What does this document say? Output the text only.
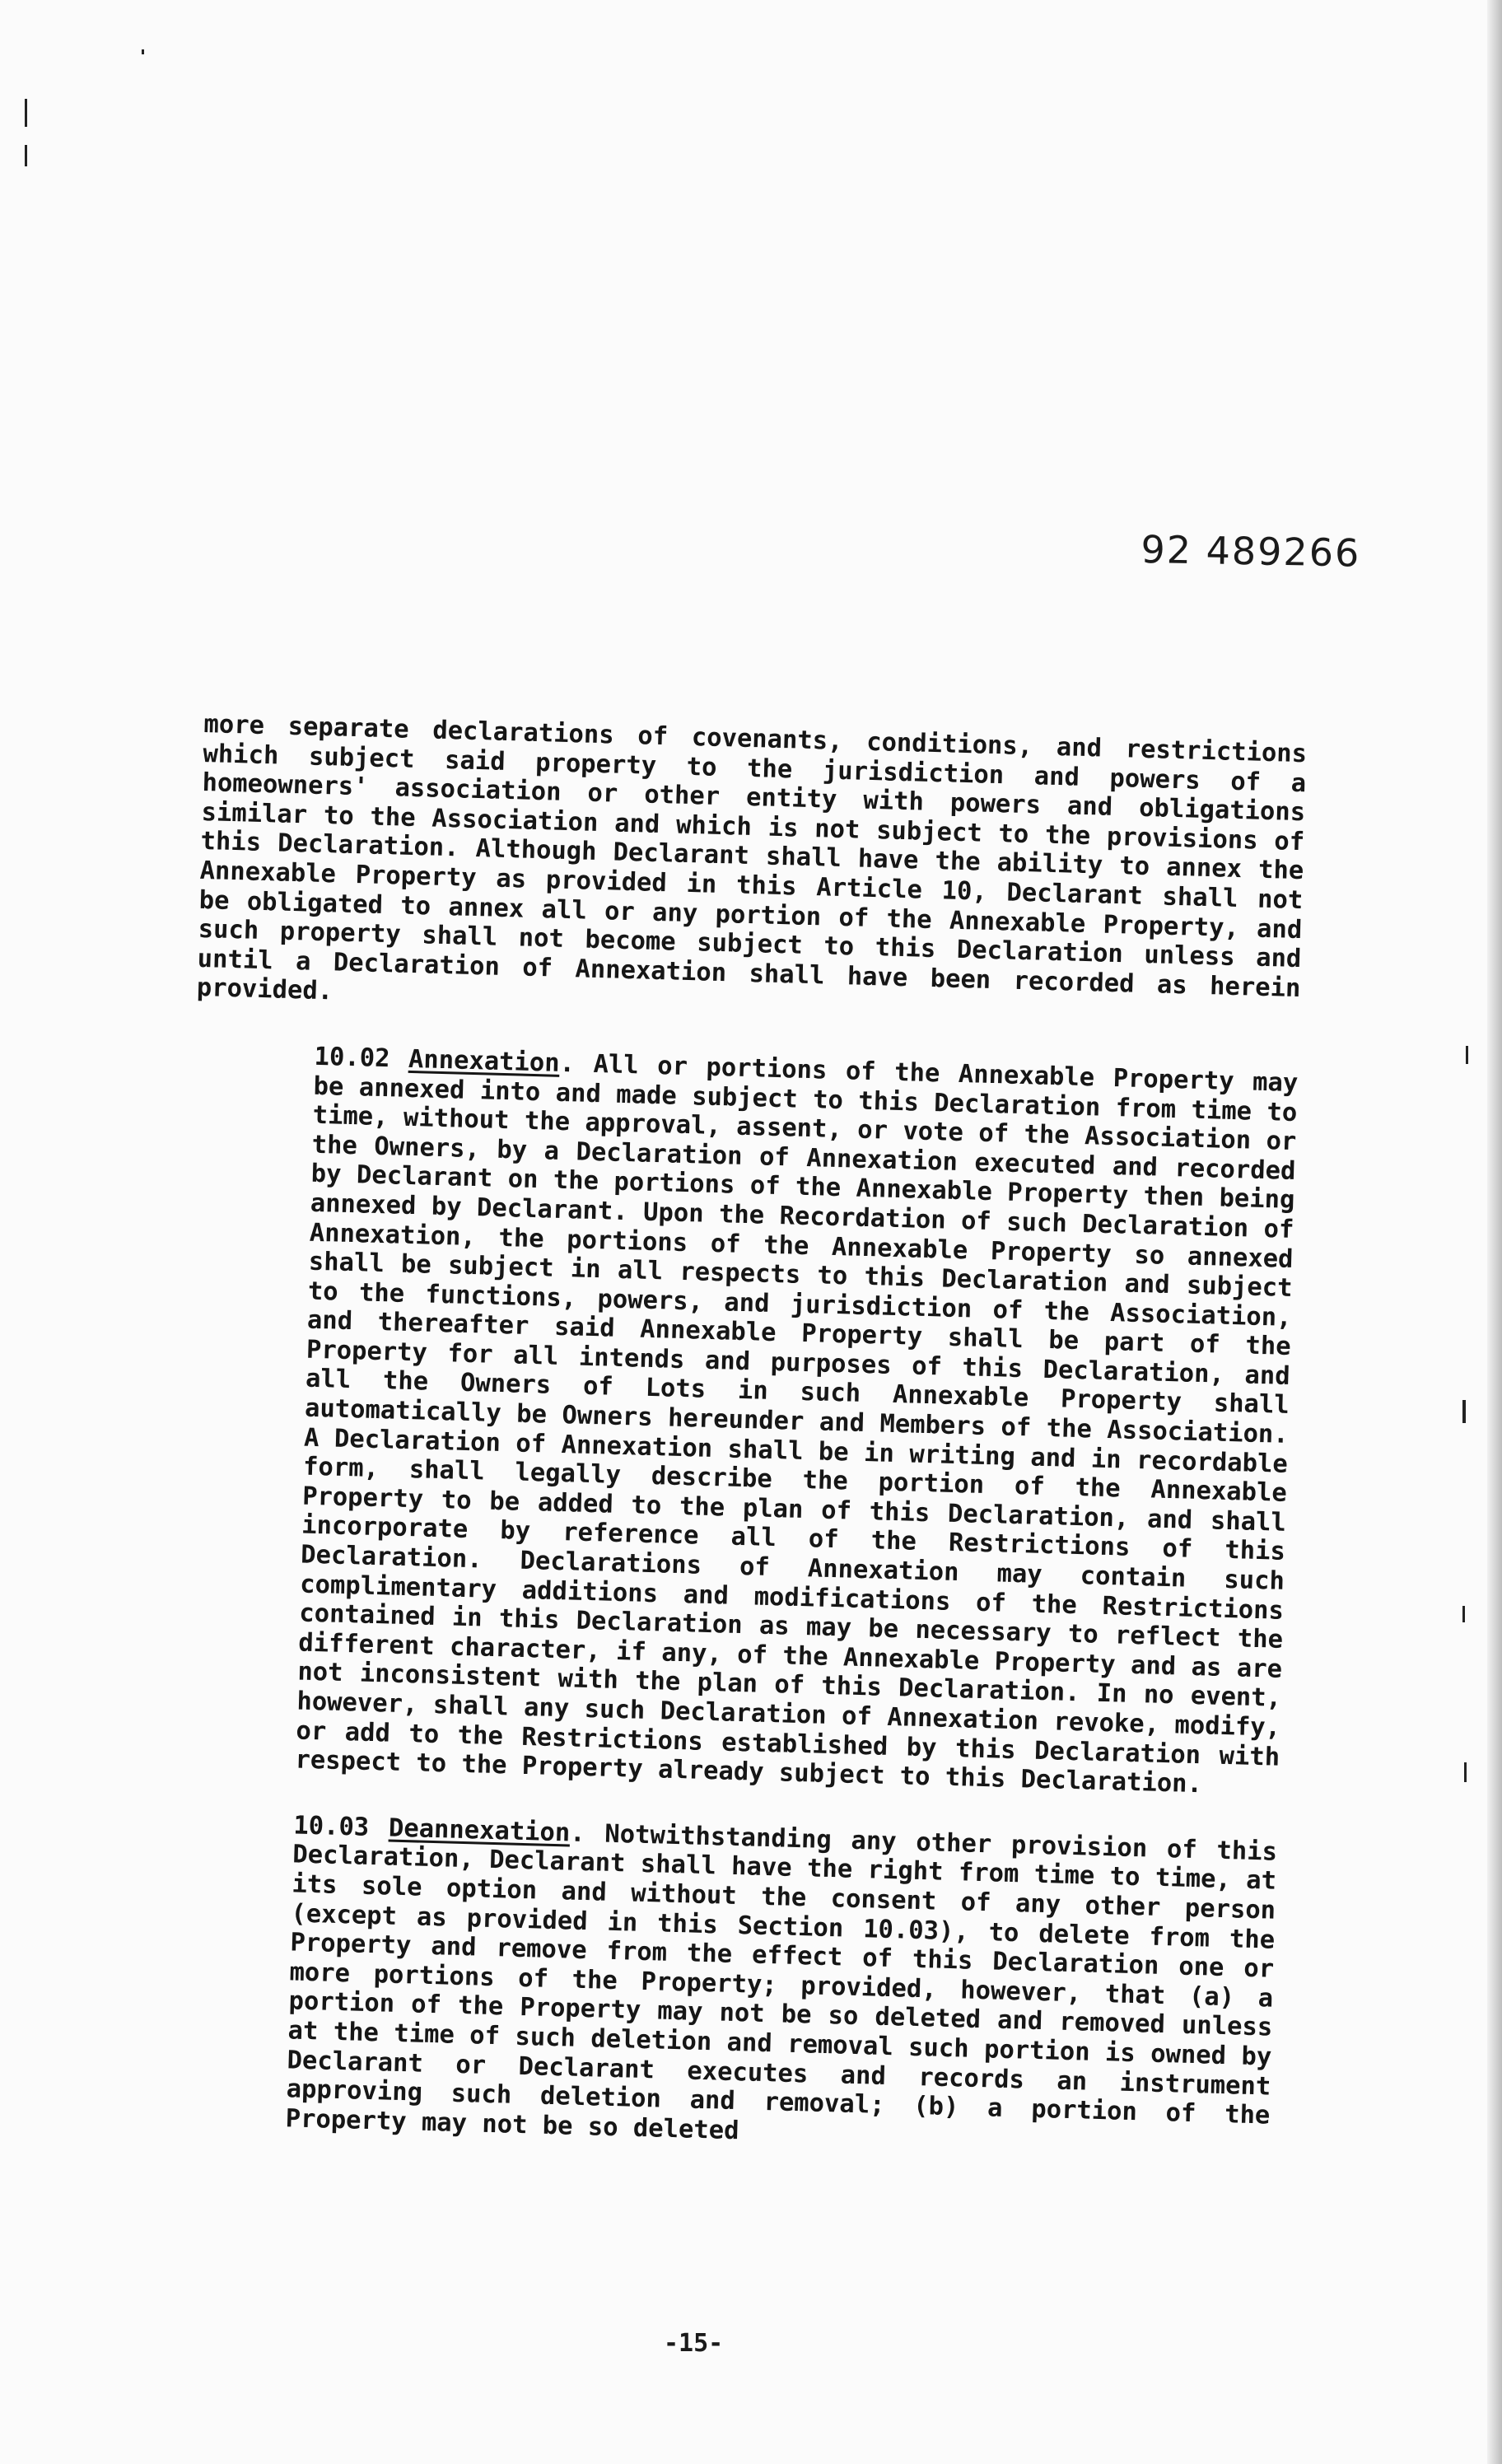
92 489266

more separate declarations of covenants, conditions, and restrictions which subject said property to the jurisdiction and powers of a homeowners' association or other entity with powers and obligations similar to the Association and which is not subject to the provisions of this Declaration. Although Declarant shall have the ability to annex the Annexable Property as provided in this Article 10, Declarant shall not be obligated to annex all or any portion of the Annexable Property, and such property shall not become subject to this Declaration unless and until a Declaration of Annexation shall have been recorded as herein provided.

10.02 Annexation. All or portions of the Annexable Property may be annexed into and made subject to this Declaration from time to time, without the approval, assent, or vote of the Association or the Owners, by a Declaration of Annexation executed and recorded by Declarant on the portions of the Annexable Property then being annexed by Declarant. Upon the Recordation of such Declaration of Annexation, the portions of the Annexable Property so annexed shall be subject in all respects to this Declaration and subject to the functions, powers, and jurisdiction of the Association, and thereafter said Annexable Property shall be part of the Property for all intends and purposes of this Declaration, and all the Owners of Lots in such Annexable Property shall automatically be Owners hereunder and Members of the Association. A Declaration of Annexation shall be in writing and in recordable form, shall legally describe the portion of the Annexable Property to be added to the plan of this Declaration, and shall incorporate by reference all of the Restrictions of this Declaration. Declarations of Annexation may contain such complimentary additions and modifications of the Restrictions contained in this Declaration as may be necessary to reflect the different character, if any, of the Annexable Property and as are not inconsistent with the plan of this Declaration. In no event, however, shall any such Declaration of Annexation revoke, modify, or add to the Restrictions established by this Declaration with respect to the Property already subject to this Declaration.

10.03 Deannexation. Notwithstanding any other provision of this Declaration, Declarant shall have the right from time to time, at its sole option and without the consent of any other person (except as provided in this Section 10.03), to delete from the Property and remove from the effect of this Declaration one or more portions of the Property; provided, however, that (a) a portion of the Property may not be so deleted and removed unless at the time of such deletion and removal such portion is owned by Declarant or Declarant executes and records an instrument approving such deletion and removal; (b) a portion of the Property may not be so deleted

-15-
